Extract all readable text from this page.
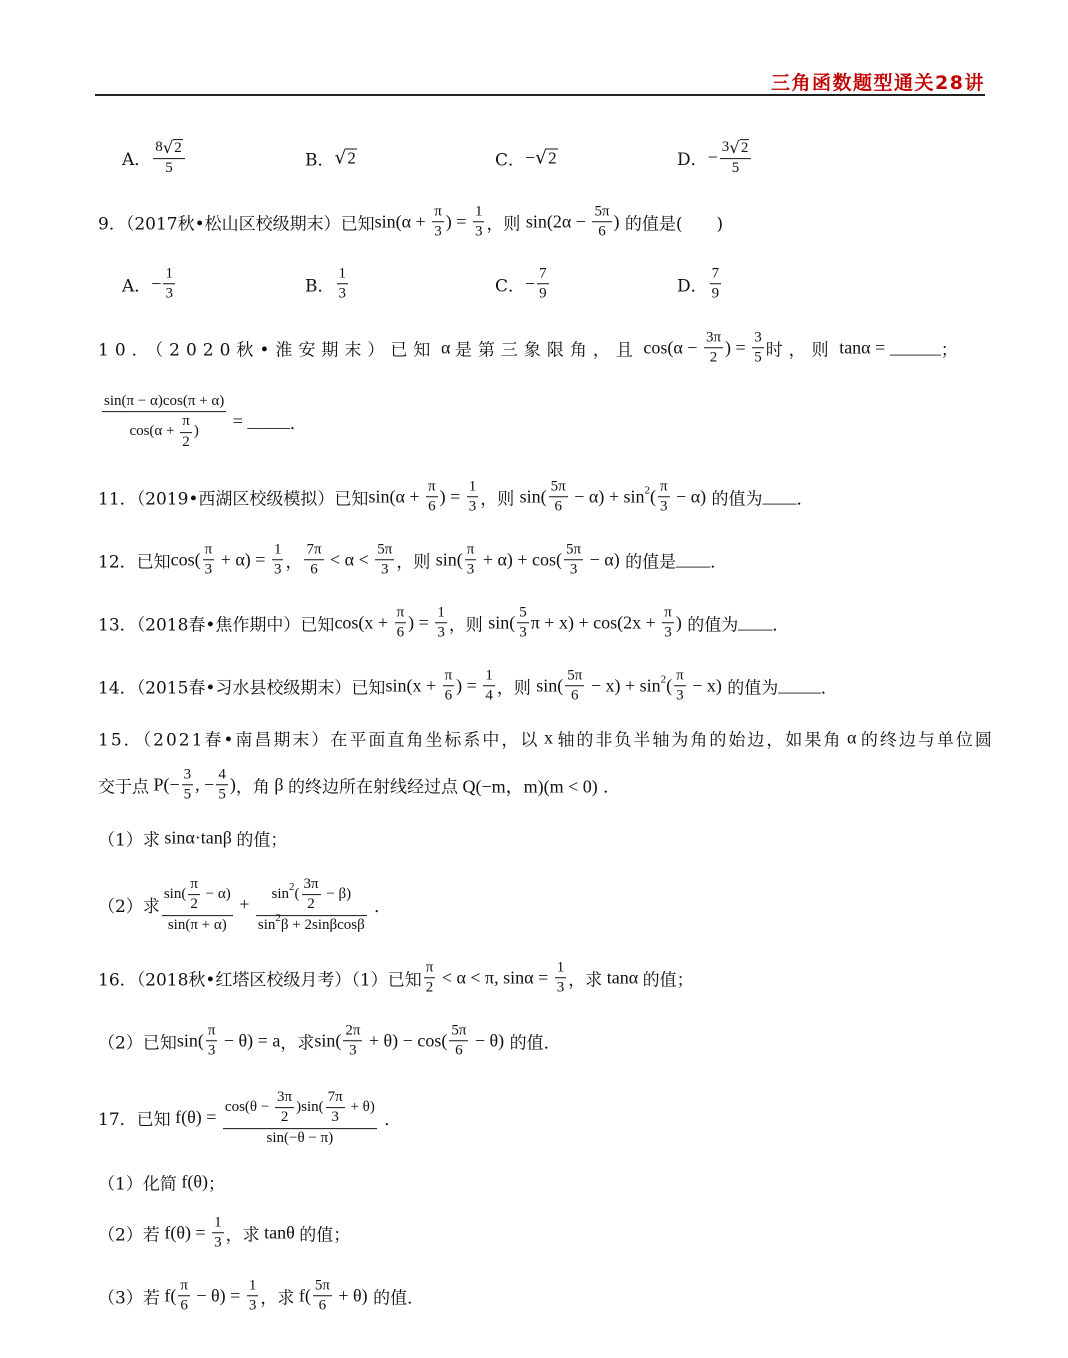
三角函数题型通关28讲
A． $\frac{8 √ 2}{5}$	B． √ 2	C． − √ 2	D． − $\frac{3 √ 2}{5}$
9．（2017秋•松山区校级期末）已知 $\sin(\alpha + \frac{\pi}{3}$ ) = $\frac{1}{3}$ ，则 $\sin(2\alpha - \frac{5\pi}{6}$ ) 的值是(　　)
A． − $\frac{1}{3}$	B． $\frac{1}{3}$	C． − $\frac{7}{9}$	D． $\frac{7}{9}$
10．（2020秋•淮安期末）已知 α 是第三象限角，且 $\cos(\alpha - \frac{3\pi}{2}$ ) = $\frac{3}{5}$ 时，则 tanα = ______ ；
$\frac{\sin(\pi - \alpha)\cos(\pi + \alpha)}{\cos(\alpha + \frac{\pi}{2} )}$ = _____ ．
11．（2019•西湖区校级模拟）已知 $\sin(\alpha + \frac{\pi}{6}$ ) = $\frac{1}{3}$ ，则 $\sin( \frac{5\pi}{6} - \alpha) + \sin 2$ ( $\frac{\pi}{3} - \alpha$) 的值为 ____ ．
12．已知 $\cos( \frac{\pi}{3} + \alpha) = \frac{1}{3}$ ， $\frac{7\pi}{6} < \alpha < \frac{5\pi}{3}$ ，则 $\sin( \frac{\pi}{3} + \alpha) + \cos( \frac{5\pi}{3} - \alpha)$ 的值是 ____ ．
13．（2018春•焦作期中）已知 $\cos(x + \frac{\pi}{6}$ ) = $\frac{1}{3}$ ，则 $\sin( \frac{5}{3}$ $\pi + x) + \cos(2x + \frac{\pi}{3}$ ) 的值为 ____ ．
14．（2015春•习水县校级期末）已知 $\sin(x + \frac{\pi}{6}$ ) = $\frac{1}{4}$ ，则 $\sin( \frac{5\pi}{6} - x) + \sin 2$ ( $\frac{\pi}{3} - x$) 的值为 _____ ．
15．（2021春•南昌期末）在平面直角坐标系中，以 x 轴的非负半轴为角的始边，如果角 α 的终边与单位圆
交于点 $P(- \frac{3}{5}$ , − $\frac{4}{5}$ ) ，角 β 的终边所在射线经过点 Q(−m，m)(m < 0) ．
（1）求 sinα·tanβ 的值；
（2）求 $\frac{\sin( \frac{\pi}{2} - \alpha)}{\sin(\pi + \alpha)} + \frac{\sin 2 ( \frac{3\pi}{2} - \beta)}{\sin 2 \beta + 2\sin\beta\cos\beta}$ ．
16．（2018秋•红塔区校级月考）（1）已知 $\frac{\pi}{2} < \alpha < \pi$, $\sin\alpha = \frac{1}{3}$ ，求 tanα 的值；
（2）已知 $\sin( \frac{\pi}{3} - \theta) = a$ ，求 $\sin( \frac{2\pi}{3} + \theta) - \cos( \frac{5\pi}{6} - \theta)$ 的值．
17．已知 $f(\theta) = \frac{\cos(\theta - \frac{3\pi}{2} )\sin( \frac{7\pi}{3} + \theta)}{\sin(-\theta - \pi)}$ ．
（1）化简 f(θ) ；
（2）若 $f(\theta) = \frac{1}{3}$ ，求 tanθ 的值；
（3）若 $f( \frac{\pi}{6} - \theta) = \frac{1}{3}$ ，求 $f( \frac{5\pi}{6} + \theta)$ 的值．
